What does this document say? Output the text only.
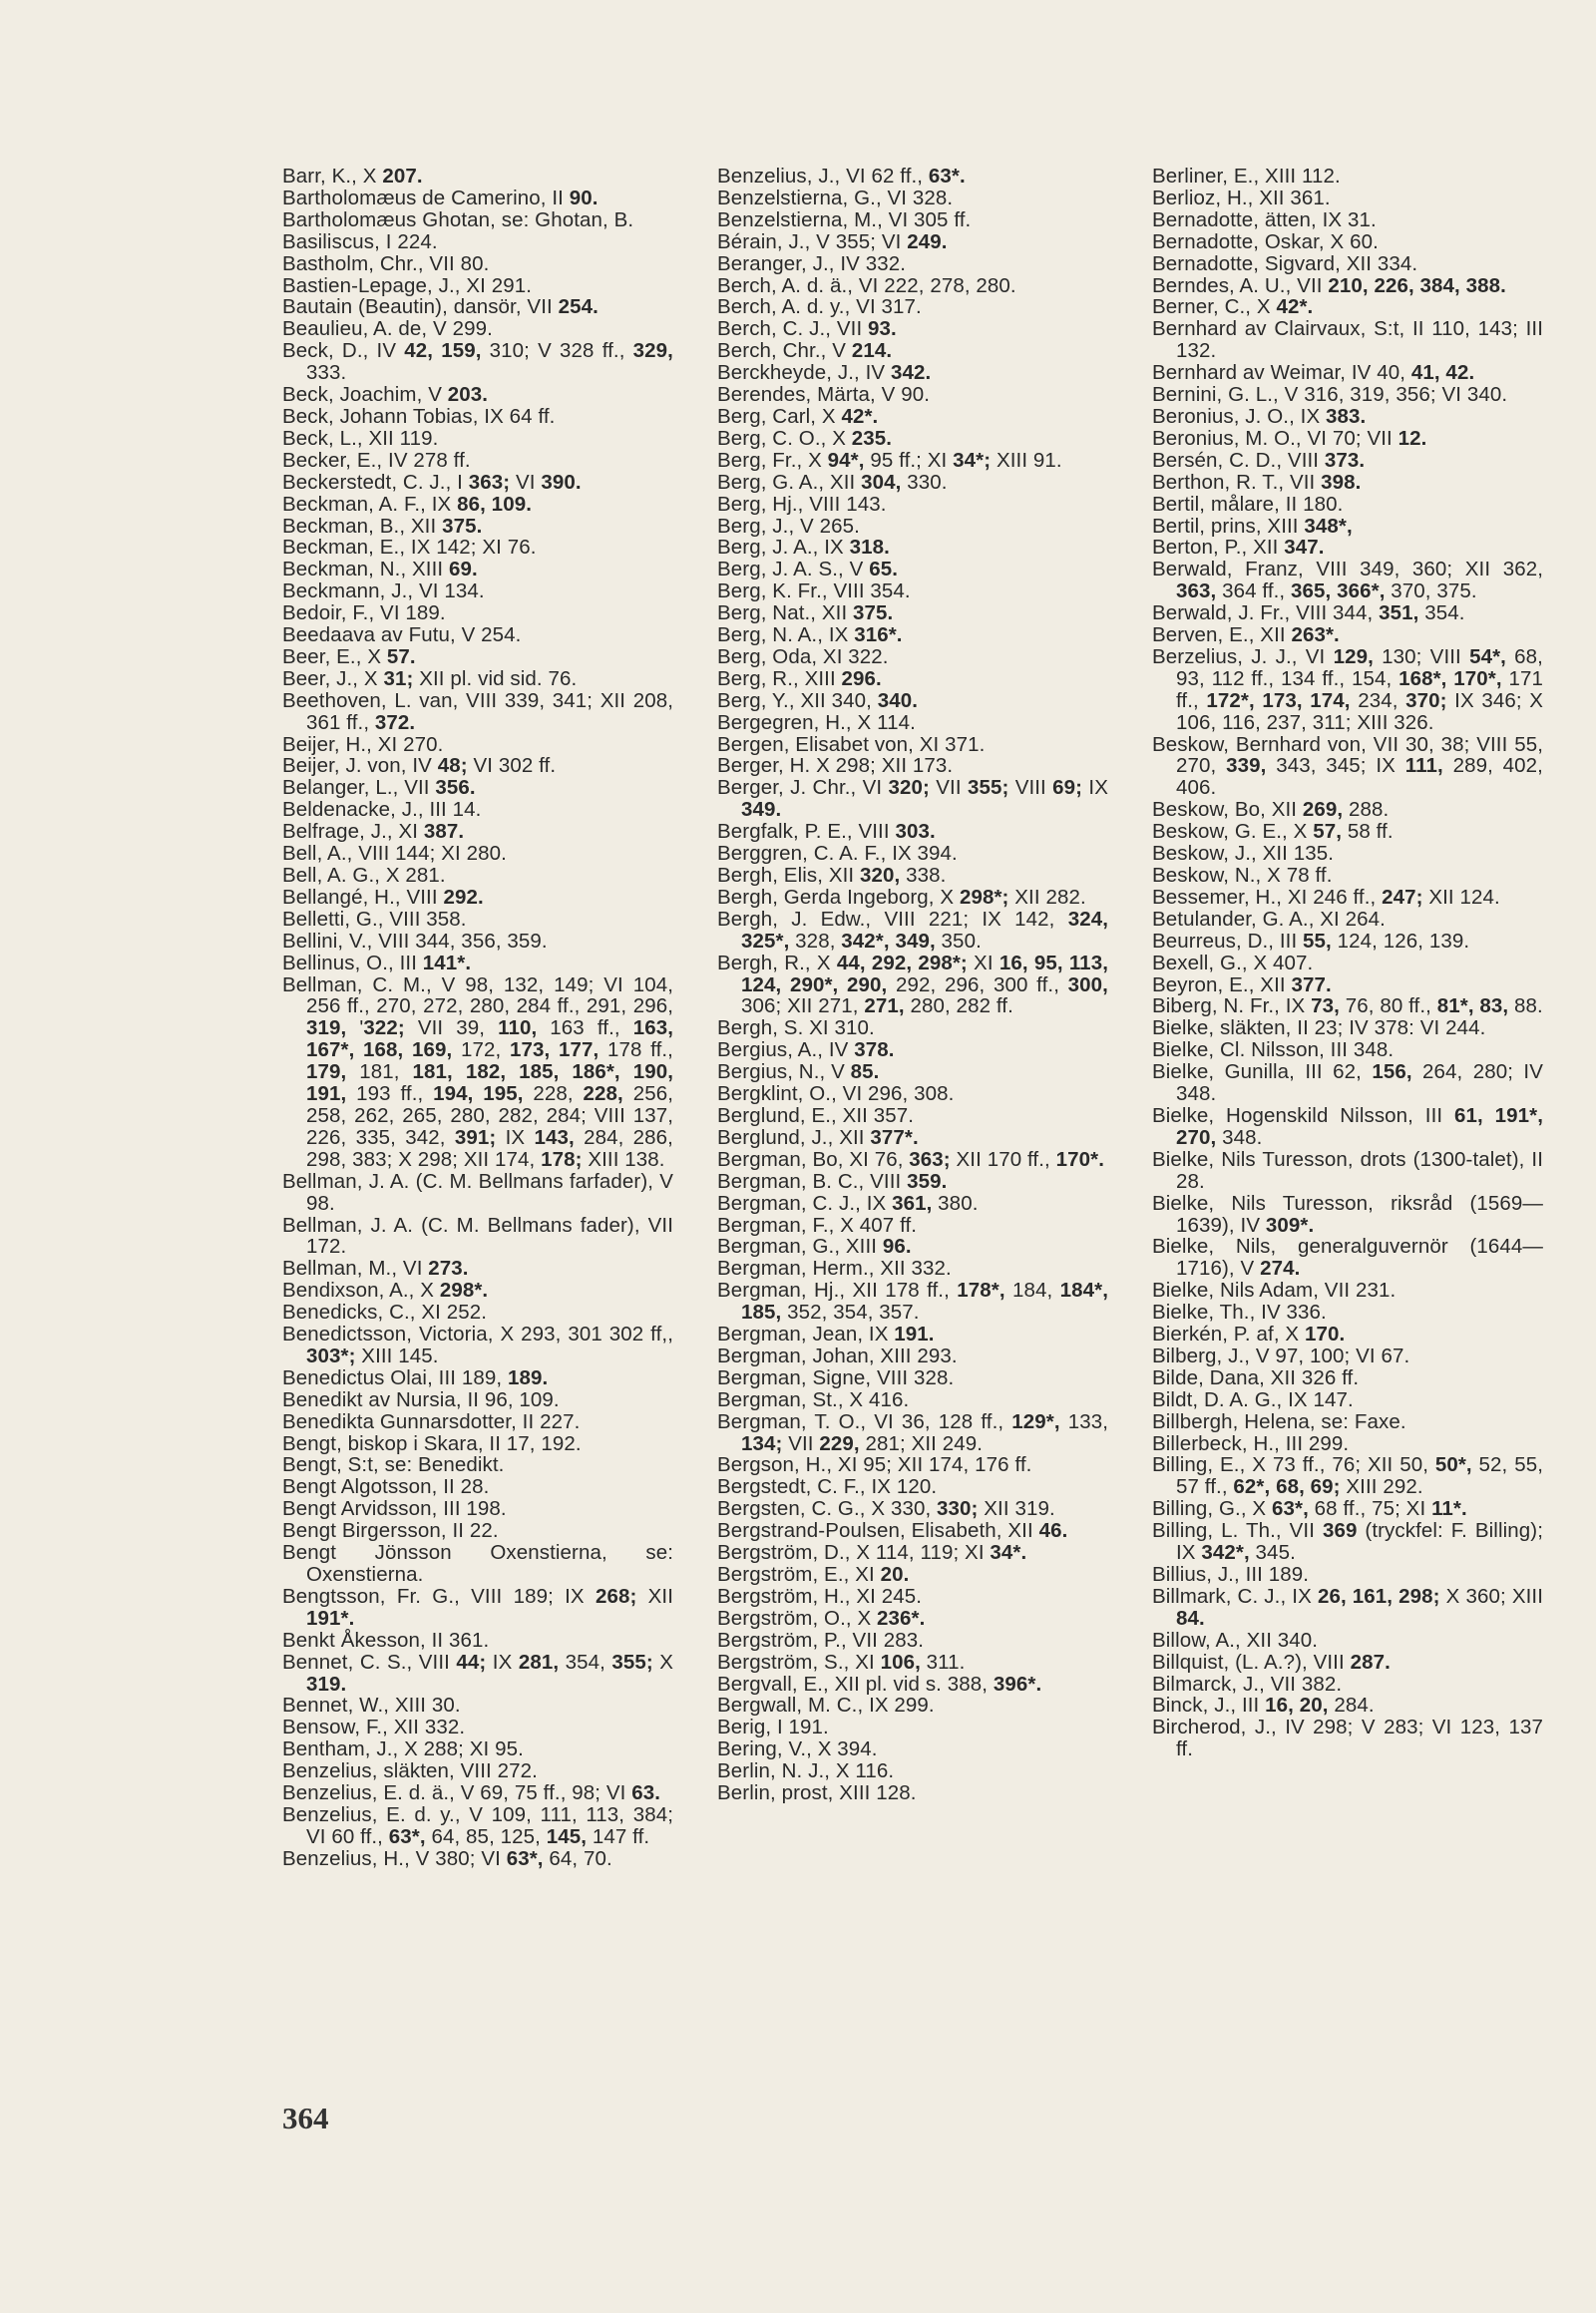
Barr, K., X 207.
Bartholomæus de Camerino, II 90.
Bartholomæus Ghotan, se: Ghotan, B.
Basiliscus, I 224.
Bastholm, Chr., VII 80.
Bastien-Lepage, J., XI 291.
Bautain (Beautin), dansör, VII 254.
Beaulieu, A. de, V 299.
Beck, D., IV 42, 159, 310; V 328 ff., 329, 333.
Beck, Joachim, V 203.
Beck, Johann Tobias, IX 64 ff.
Beck, L., XII 119.
Becker, E., IV 278 ff.
Beckerstedt, C. J., I 363; VI 390.
Beckman, A. F., IX 86, 109.
Beckman, B., XII 375.
Beckman, E., IX 142; XI 76.
Beckman, N., XIII 69.
Beckmann, J., VI 134.
Bedoir, F., VI 189.
Beedaava av Futu, V 254.
Beer, E., X 57.
Beer, J., X 31; XII pl. vid sid. 76.
Beethoven, L. van, VIII 339, 341; XII 208, 361 ff., 372.
Beijer, H., XI 270.
Beijer, J. von, IV 48; VI 302 ff.
Belanger, L., VII 356.
Beldenacke, J., III 14.
Belfrage, J., XI 387.
Bell, A., VIII 144; XI 280.
Bell, A. G., X 281.
Bellangé, H., VIII 292.
Belletti, G., VIII 358.
Bellini, V., VIII 344, 356, 359.
Bellinus, O., III 141*.
Bellman, C. M., V 98, 132, 149; VI 104, 256 ff., 270, 272, 280, 284 ff., 291, 296, 319, '322; VII 39, 110, 163 ff., 163, 167*, 168, 169, 172, 173, 177, 178 ff., 179, 181, 181, 182, 185, 186*, 190, 191, 193 ff., 194, 195, 228, 228, 256, 258, 262, 265, 280, 282, 284; VIII 137, 226, 335, 342, 391; IX 143, 284, 286, 298, 383; X 298; XII 174, 178; XIII 138.
Bellman, J. A. (C. M. Bellmans farfader), V 98.
Bellman, J. A. (C. M. Bellmans fader), VII 172.
Bellman, M., VI 273.
Bendixson, A., X 298*.
Benedicks, C., XI 252.
Benedictsson, Victoria, X 293, 301 302 ff,, 303*; XIII 145.
Benedictus Olai, III 189, 189.
Benedikt av Nursia, II 96, 109.
Benedikta Gunnarsdotter, II 227.
Bengt, biskop i Skara, II 17, 192.
Bengt, S:t, se: Benedikt.
Bengt Algotsson, II 28.
Bengt Arvidsson, III 198.
Bengt Birgersson, II 22.
Bengt Jönsson Oxenstierna, se: Oxenstierna.
Bengtsson, Fr. G., VIII 189; IX 268; XII 191*.
Benkt Åkesson, II 361.
Bennet, C. S., VIII 44; IX 281, 354, 355; X 319.
Bennet, W., XIII 30.
Bensow, F., XII 332.
Bentham, J., X 288; XI 95.
Benzelius, släkten, VIII 272.
Benzelius, E. d. ä., V 69, 75 ff., 98; VI 63.
Benzelius, E. d. y., V 109, 111, 113, 384; VI 60 ff., 63*, 64, 85, 125, 145, 147 ff.
Benzelius, H., V 380; VI 63*, 64, 70.
Benzelius, J., VI 62 ff., 63*.
Benzelstierna, G., VI 328.
Benzelstierna, M., VI 305 ff.
Bérain, J., V 355; VI 249.
Beranger, J., IV 332.
Berch, A. d. ä., VI 222, 278, 280.
Berch, A. d. y., VI 317.
Berch, C. J., VII 93.
Berch, Chr., V 214.
Berckheyde, J., IV 342.
Berendes, Märta, V 90.
Berg, Carl, X 42*.
Berg, C. O., X 235.
Berg, Fr., X 94*, 95 ff.; XI 34*; XIII 91.
Berg, G. A., XII 304, 330.
Berg, Hj., VIII 143.
Berg, J., V 265.
Berg, J. A., IX 318.
Berg, J. A. S., V 65.
Berg, K. Fr., VIII 354.
Berg, Nat., XII 375.
Berg, N. A., IX 316*.
Berg, Oda, XI 322.
Berg, R., XIII 296.
Berg, Y., XII 340, 340.
Bergegren, H., X 114.
Bergen, Elisabet von, XI 371.
Berger, H. X 298; XII 173.
Berger, J. Chr., VI 320; VII 355; VIII 69; IX 349.
Bergfalk, P. E., VIII 303.
Berggren, C. A. F., IX 394.
Bergh, Elis, XII 320, 338.
Bergh, Gerda Ingeborg, X 298*; XII 282.
Bergh, J. Edw., VIII 221; IX 142, 324, 325*, 328, 342*, 349, 350.
Bergh, R., X 44, 292, 298*; XI 16, 95, 113, 124, 290*, 290, 292, 296, 300 ff., 300, 306; XII 271, 271, 280, 282 ff.
Bergh, S. XI 310.
Bergius, A., IV 378.
Bergius, N., V 85.
Bergklint, O., VI 296, 308.
Berglund, E., XII 357.
Berglund, J., XII 377*.
Bergman, Bo, XI 76, 363; XII 170 ff., 170*.
Bergman, B. C., VIII 359.
Bergman, C. J., IX 361, 380.
Bergman, F., X 407 ff.
Bergman, G., XIII 96.
Bergman, Herm., XII 332.
Bergman, Hj., XII 178 ff., 178*, 184, 184*, 185, 352, 354, 357.
Bergman, Jean, IX 191.
Bergman, Johan, XIII 293.
Bergman, Signe, VIII 328.
Bergman, St., X 416.
Bergman, T. O., VI 36, 128 ff., 129*, 133, 134; VII 229, 281; XII 249.
Bergson, H., XI 95; XII 174, 176 ff.
Bergstedt, C. F., IX 120.
Bergsten, C. G., X 330, 330; XII 319.
Bergstrand-Poulsen, Elisabeth, XII 46.
Bergström, D., X 114, 119; XI 34*.
Bergström, E., XI 20.
Bergström, H., XI 245.
Bergström, O., X 236*.
Bergström, P., VII 283.
Bergström, S., XI 106, 311.
Bergvall, E., XII pl. vid s. 388, 396*.
Bergwall, M. C., IX 299.
Berig, I 191.
Bering, V., X 394.
Berlin, N. J., X 116.
Berlin, prost, XIII 128.
Berliner, E., XIII 112.
Berlioz, H., XII 361.
Bernadotte, ätten, IX 31.
Bernadotte, Oskar, X 60.
Bernadotte, Sigvard, XII 334.
Berndes, A. U., VII 210, 226, 384, 388.
Berner, C., X 42*.
Bernhard av Clairvaux, S:t, II 110, 143; III 132.
Bernhard av Weimar, IV 40, 41, 42.
Bernini, G. L., V 316, 319, 356; VI 340.
Beronius, J. O., IX 383.
Beronius, M. O., VI 70; VII 12.
Bersén, C. D., VIII 373.
Berthon, R. T., VII 398.
Bertil, målare, II 180.
Bertil, prins, XIII 348*,
Berton, P., XII 347.
Berwald, Franz, VIII 349, 360; XII 362, 363, 364 ff., 365, 366*, 370, 375.
Berwald, J. Fr., VIII 344, 351, 354.
Berven, E., XII 263*.
Berzelius, J. J., VI 129, 130; VIII 54*, 68, 93, 112 ff., 134 ff., 154, 168*, 170*, 171 ff., 172*, 173, 174, 234, 370; IX 346; X 106, 116, 237, 311; XIII 326.
Beskow, Bernhard von, VII 30, 38; VIII 55, 270, 339, 343, 345; IX 111, 289, 402, 406.
Beskow, Bo, XII 269, 288.
Beskow, G. E., X 57, 58 ff.
Beskow, J., XII 135.
Beskow, N., X 78 ff.
Bessemer, H., XI 246 ff., 247; XII 124.
Betulander, G. A., XI 264.
Beurreus, D., III 55, 124, 126, 139.
Bexell, G., X 407.
Beyron, E., XII 377.
Biberg, N. Fr., IX 73, 76, 80 ff., 81*, 83, 88.
Bielke, släkten, II 23; IV 378: VI 244.
Bielke, Cl. Nilsson, III 348.
Bielke, Gunilla, III 62, 156, 264, 280; IV 348.
Bielke, Hogenskild Nilsson, III 61, 191*, 270, 348.
Bielke, Nils Turesson, drots (1300-talet), II 28.
Bielke, Nils Turesson, riksråd (1569—1639), IV 309*.
Bielke, Nils, generalguvernör (1644—1716), V 274.
Bielke, Nils Adam, VII 231.
Bielke, Th., IV 336.
Bierkén, P. af, X 170.
Bilberg, J., V 97, 100; VI 67.
Bilde, Dana, XII 326 ff.
Bildt, D. A. G., IX 147.
Billbergh, Helena, se: Faxe.
Billerbeck, H., III 299.
Billing, E., X 73 ff., 76; XII 50, 50*, 52, 55, 57 ff., 62*, 68, 69; XIII 292.
Billing, G., X 63*, 68 ff., 75; XI 11*.
Billing, L. Th., VII 369 (tryckfel: F. Billing); IX 342*, 345.
Billius, J., III 189.
Billmark, C. J., IX 26, 161, 298; X 360; XIII 84.
Billow, A., XII 340.
Billquist, (L. A.?), VIII 287.
Bilmarck, J., VII 382.
Binck, J., III 16, 20, 284.
Bircherod, J., IV 298; V 283; VI 123, 137 ff.
364
